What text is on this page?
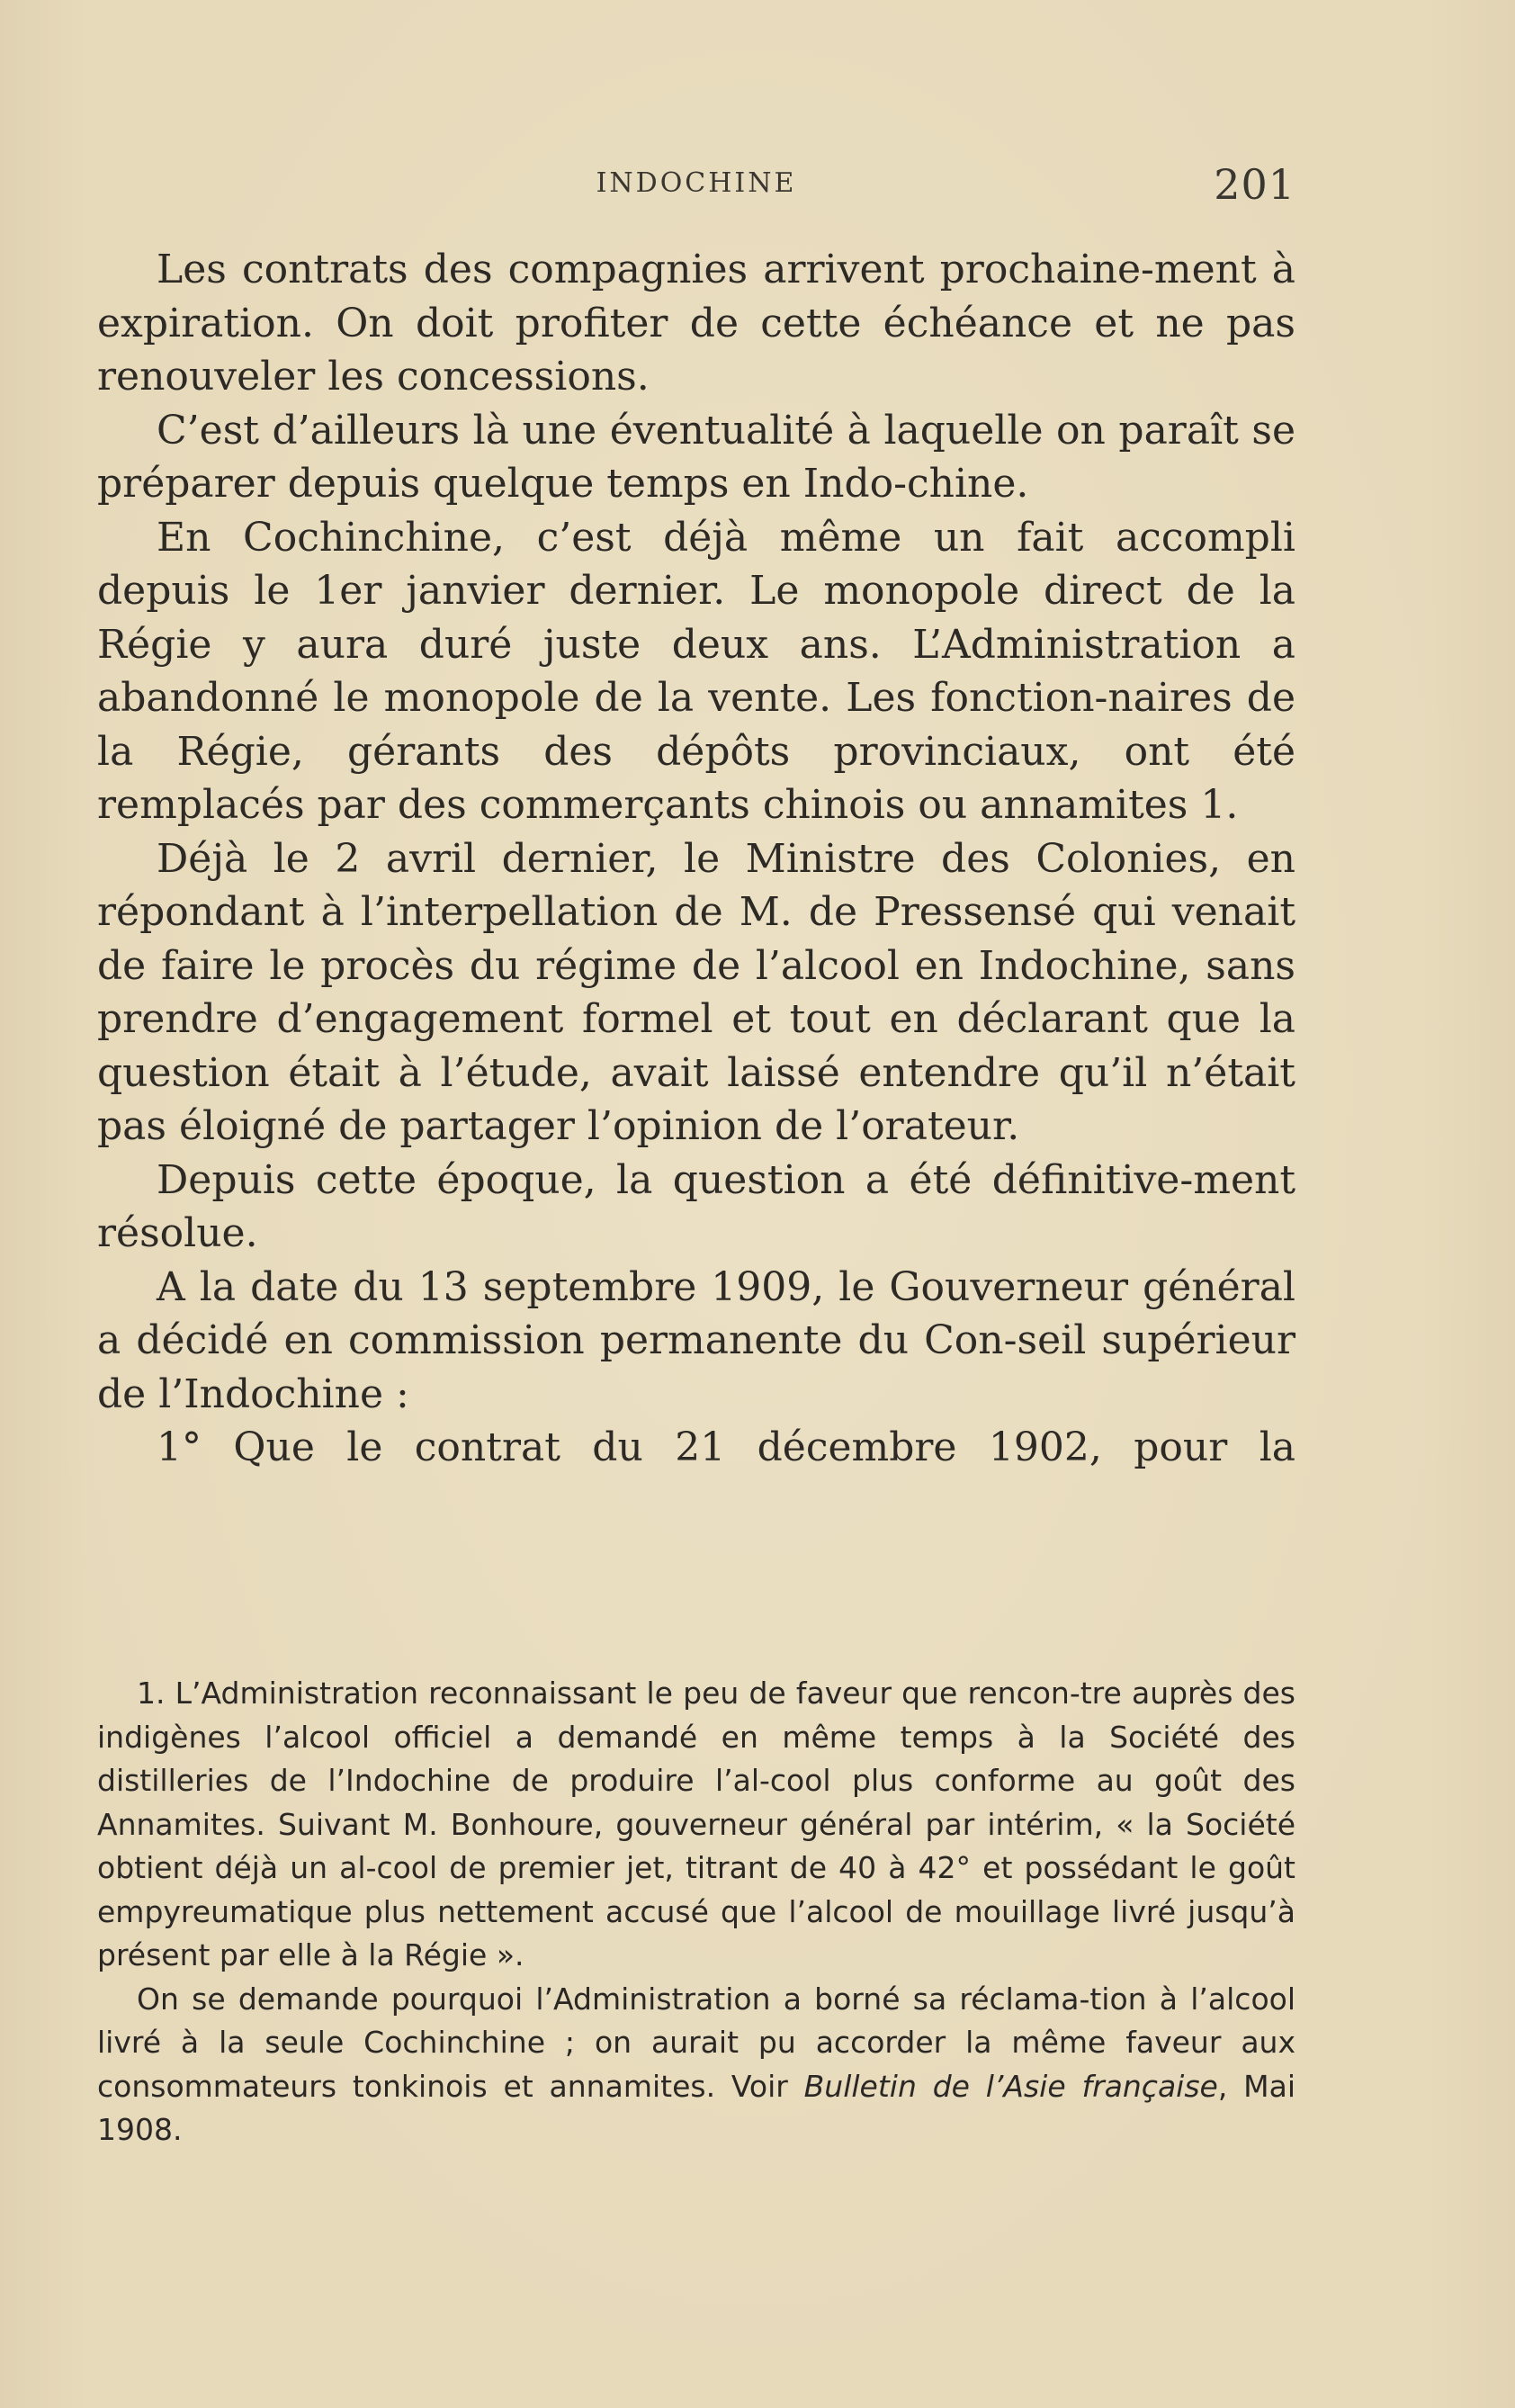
INDOCHINE	201

Les contrats des compagnies arrivent prochaine-ment à expiration. On doit profiter de cette échéance et ne pas renouveler les concessions.

C’est d’ailleurs là une éventualité à laquelle on paraît se préparer depuis quelque temps en Indo-chine.

En Cochinchine, c’est déjà même un fait accompli depuis le 1er janvier dernier. Le monopole direct de la Régie y aura duré juste deux ans. L’Administration a abandonné le monopole de la vente. Les fonction-naires de la Régie, gérants des dépôts provinciaux, ont été remplacés par des commerçants chinois ou annamites 1.

Déjà le 2 avril dernier, le Ministre des Colonies, en répondant à l’interpellation de M. de Pressensé qui venait de faire le procès du régime de l’alcool en Indochine, sans prendre d’engagement formel et tout en déclarant que la question était à l’étude, avait laissé entendre qu’il n’était pas éloigné de partager l’opinion de l’orateur.

Depuis cette époque, la question a été définitive-ment résolue.

A la date du 13 septembre 1909, le Gouverneur général a décidé en commission permanente du Con-seil supérieur de l’Indochine :

1° Que le contrat du 21 décembre 1902, pour la

1. L’Administration reconnaissant le peu de faveur que rencon-tre auprès des indigènes l’alcool officiel a demandé en même temps à la Société des distilleries de l’Indochine de produire l’al-cool plus conforme au goût des Annamites. Suivant M. Bonhoure, gouverneur général par intérim, « la Société obtient déjà un al-cool de premier jet, titrant de 40 à 42° et possédant le goût empyreumatique plus nettement accusé que l’alcool de mouillage livré jusqu’à présent par elle à la Régie ».

On se demande pourquoi l’Administration a borné sa réclama-tion à l’alcool livré à la seule Cochinchine ; on aurait pu accorder la même faveur aux consommateurs tonkinois et annamites. Voir Bulletin de l’Asie française, Mai 1908.
